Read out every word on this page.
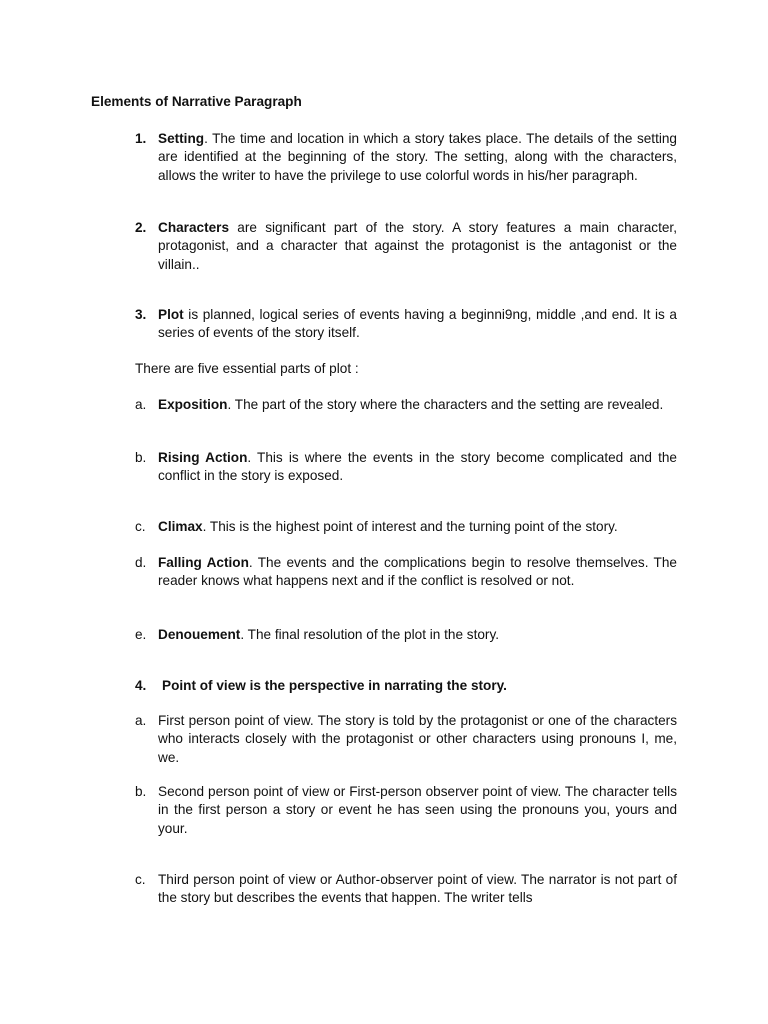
Elements of Narrative Paragraph
1. Setting. The time and location in which a story takes place. The details of the setting are identified at the beginning of the story. The setting, along with the characters, allows the writer to have the privilege to use colorful words in his/her paragraph.
2. Characters are significant part of the story. A story features a main character, protagonist, and a character that against the protagonist is the antagonist or the villain..
3. Plot is planned, logical series of events having a beginni9ng, middle ,and end. It is a series of events of the story itself.
There are five essential parts of plot :
a. Exposition. The part of the story where the characters and the setting are revealed.
b. Rising Action. This is where the events in the story become complicated and the conflict in the story is exposed.
c. Climax. This is the highest point of interest and the turning point of the story.
d. Falling Action. The events and the complications begin to resolve themselves. The reader knows what happens next and if the conflict is resolved or not.
e. Denouement. The final resolution of the plot in the story.
4. Point of view is the perspective in narrating the story.
a. First person point of view. The story is told by the protagonist or one of the characters who interacts closely with the protagonist or other characters using pronouns I, me, we.
b. Second person point of view or First-person observer point of view. The character tells in the first person a story or event he has seen using the pronouns you, yours and your.
c. Third person point of view or Author-observer point of view. The narrator is not part of the story but describes the events that happen. The writer tells
